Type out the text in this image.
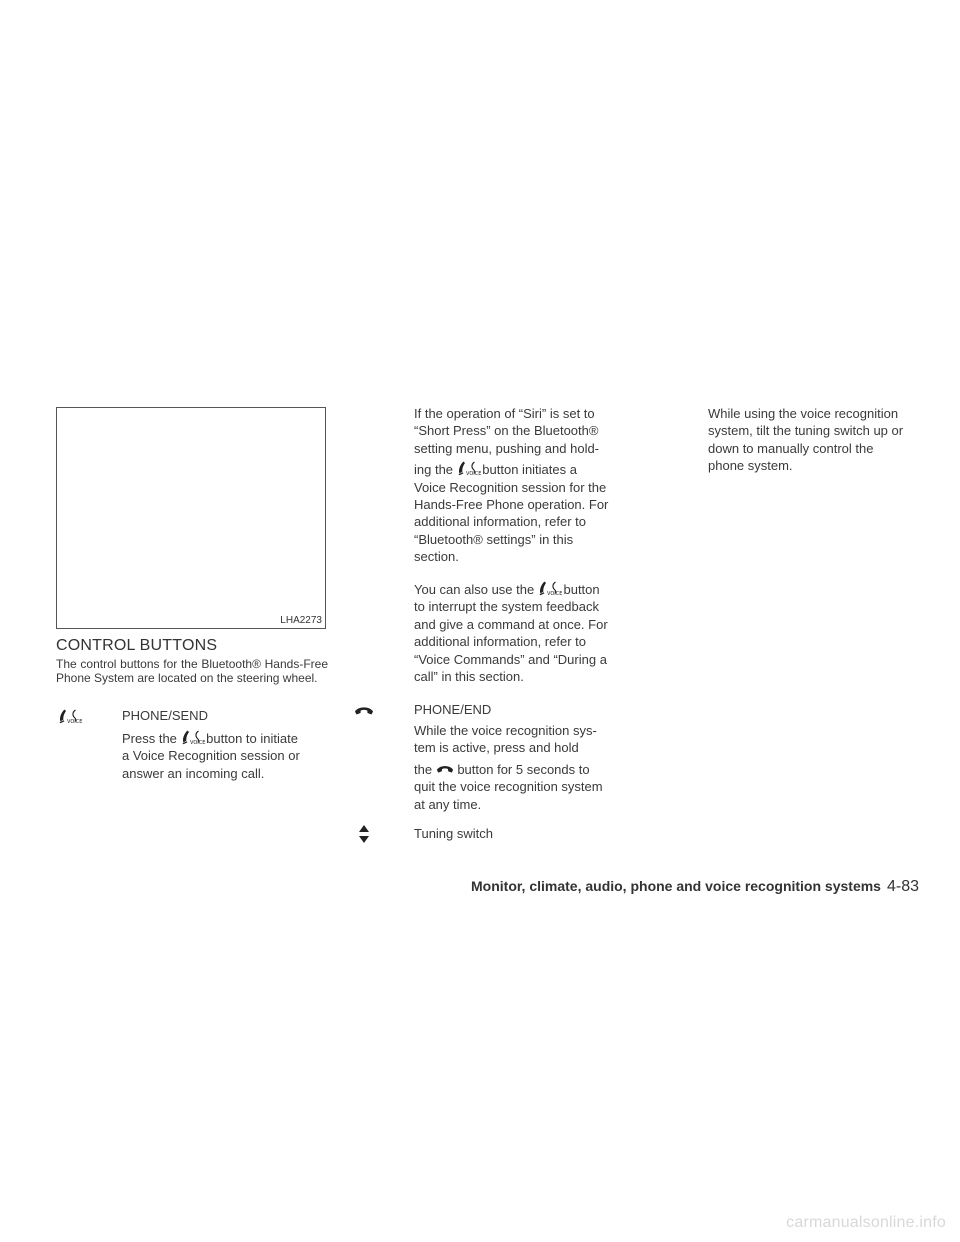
LHA2273
CONTROL BUTTONS

The control buttons for the Bluetooth® Hands-Free Phone System are located on the steering wheel.

VOICE	PHONE/SEND

Press the	VOICE button to initiate

a Voice Recognition session or

answer an incoming call.

If the operation of “Siri” is set to

“Short Press” on the Bluetooth®

setting menu, pushing and hold-

ing the	VOICE button initiates a

Voice Recognition session for the

Hands-Free Phone operation. For

additional information, refer to

“Bluetooth® settings” in this

section.

You can also use the	VOICE button

to interrupt the system feedback

and give a command at once. For

additional information, refer to

“Voice Commands” and “During a

call” in this section.

PHONE/END

While the voice recognition sys-

tem is active, press and hold

the button for 5 seconds to

quit the voice recognition system

at any time.

Tuning switch

While using the voice recognition

system, tilt the tuning switch up or

down to manually control the

phone system.

Monitor, climate, audio, phone and voice recognition systems 4-83
carmanualsonline.info
